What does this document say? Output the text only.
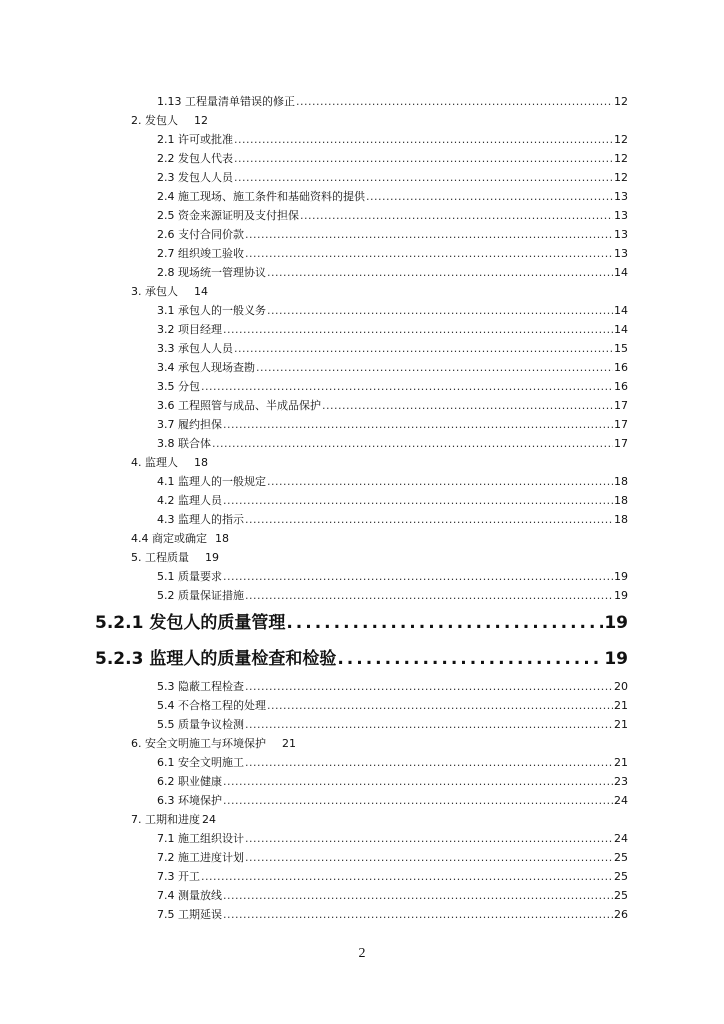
1.13 工程量清单错误的修正 .....	12
2. 发包人 12
2.1 许可或批准 .....	12
2.2 发包人代表 .....	12
2.3 发包人人员 .....	12
2.4 施工现场、施工条件和基础资料的提供 .....	13
2.5 资金来源证明及支付担保 .....	13
2.6 支付合同价款 .....	13
2.7 组织竣工验收 .....	13
2.8 现场统一管理协议 .....	14
3. 承包人 14
3.1 承包人的一般义务 .....	14
3.2 项目经理 .....	14
3.3 承包人人员 .....	15
3.4 承包人现场查勘 .....	16
3.5 分包 .....	16
3.6 工程照管与成品、半成品保护 .....	17
3.7 履约担保 .....	17
3.8 联合体 .....	17
4. 监理人 18
4.1 监理人的一般规定 .....	18
4.2 监理人员 .....	18
4.3 监理人的指示 .....	18
4.4 商定或确定 18
5. 工程质量 19
5.1 质量要求 .....	19
5.2 质量保证措施 .....	19
5.2.1 发包人的质量管理 .....	19
5.2.3 监理人的质量检查和检验 .....	19
5.3 隐蔽工程检查 .....	20
5.4 不合格工程的处理 .....	21
5.5 质量争议检测 .....	21
6. 安全文明施工与环境保护 21
6.1 安全文明施工 .....	21
6.2 职业健康 .....	23
6.3 环境保护 .....	24
7. 工期和进度 24
7.1 施工组织设计 .....	24
7.2 施工进度计划 .....	25
7.3 开工 .....	25
7.4 测量放线 .....	25
7.5 工期延误 .....	26
2
